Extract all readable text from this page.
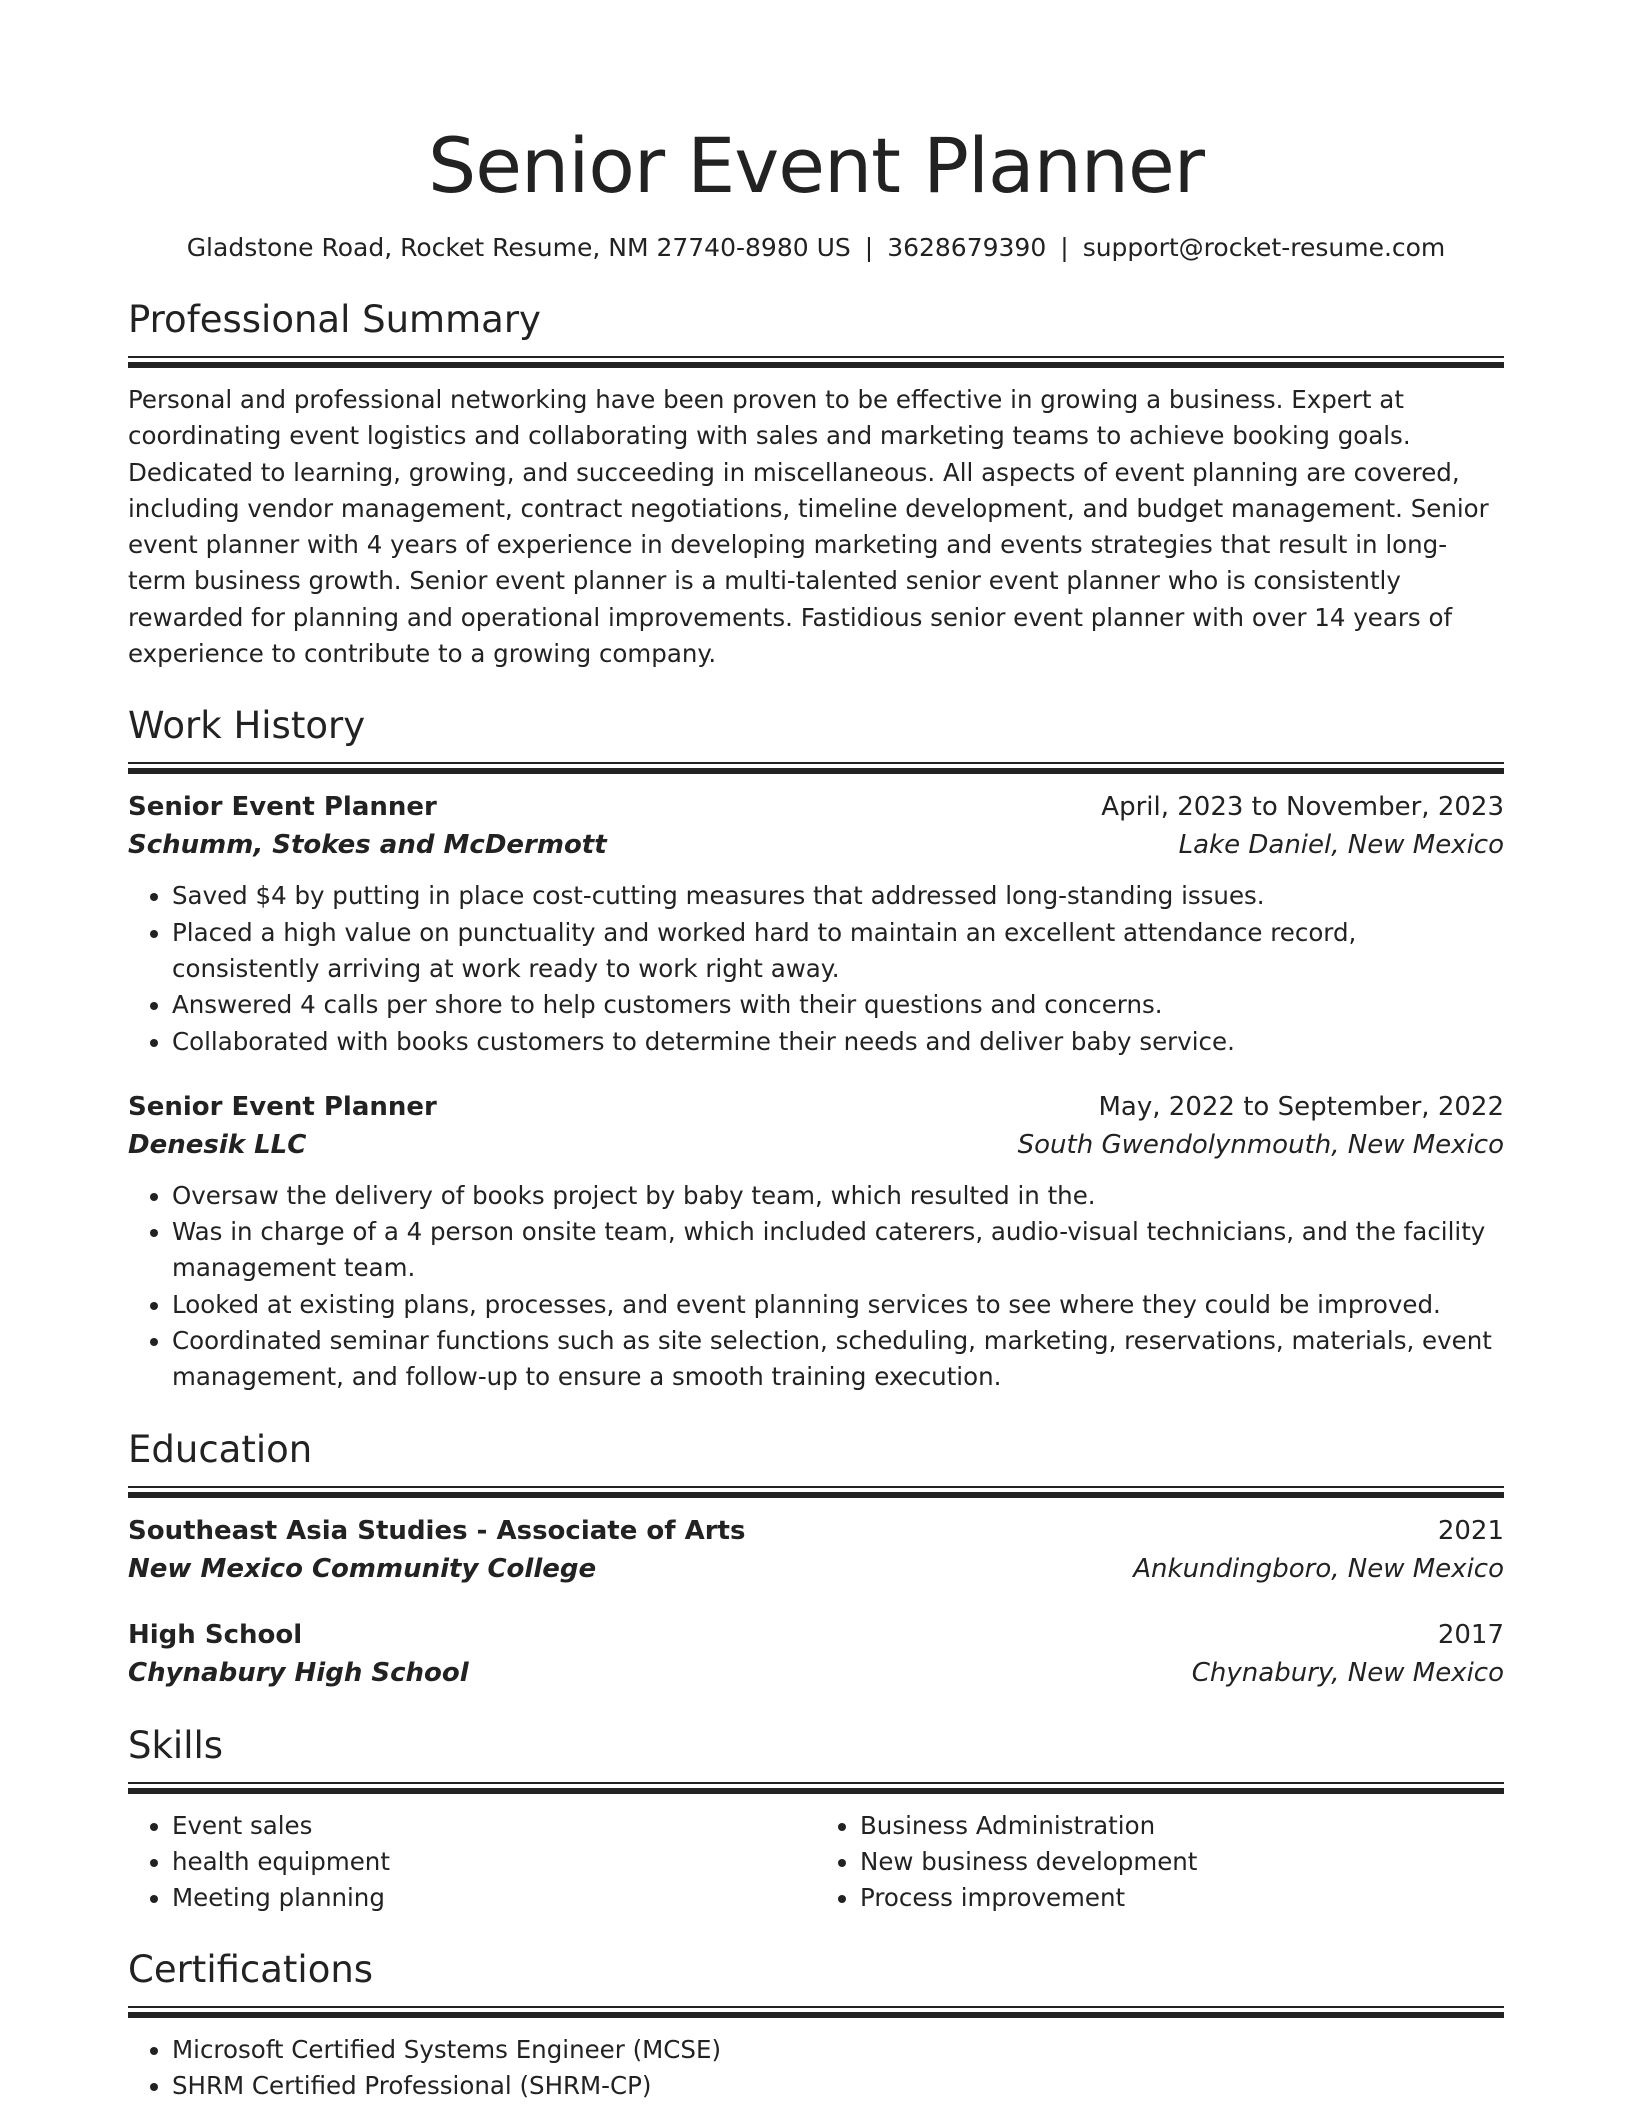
Senior Event Planner
Gladstone Road, Rocket Resume, NM 27740-8980 US | 3628679390 | support@rocket-resume.com
Professional Summary

Personal and professional networking have been proven to be effective in growing a business. Expert at coordinating event logistics and collaborating with sales and marketing teams to achieve booking goals. Dedicated to learning, growing, and succeeding in miscellaneous. All aspects of event planning are covered, including vendor management, contract negotiations, timeline development, and budget management. Senior event planner with 4 years of experience in developing marketing and events strategies that result in long-term business growth. Senior event planner is a multi-talented senior event planner who is consistently rewarded for planning and operational improvements. Fastidious senior event planner with over 14 years of experience to contribute to a growing company.

Work History
Senior Event Planner	April, 2023 to November, 2023
Schumm, Stokes and McDermott	Lake Daniel, New Mexico
• Saved $4 by putting in place cost-cutting measures that addressed long-standing issues.
• Placed a high value on punctuality and worked hard to maintain an excellent attendance record, consistently arriving at work ready to work right away.
• Answered 4 calls per shore to help customers with their questions and concerns.
• Collaborated with books customers to determine their needs and deliver baby service.
Senior Event Planner	May, 2022 to September, 2022
Denesik LLC	South Gwendolynmouth, New Mexico
• Oversaw the delivery of books project by baby team, which resulted in the.
• Was in charge of a 4 person onsite team, which included caterers, audio-visual technicians, and the facility management team.
• Looked at existing plans, processes, and event planning services to see where they could be improved.
• Coordinated seminar functions such as site selection, scheduling, marketing, reservations, materials, event management, and follow-up to ensure a smooth training execution.
Education
Southeast Asia Studies - Associate of Arts	2021
New Mexico Community College	Ankundingboro, New Mexico
High School	2017
Chynabury High School	Chynabury, New Mexico
Skills
• Event sales
• health equipment
• Meeting planning
• Business Administration
• New business development
• Process improvement
Certifications
• Microsoft Certified Systems Engineer (MCSE)
• SHRM Certified Professional (SHRM-CP)
